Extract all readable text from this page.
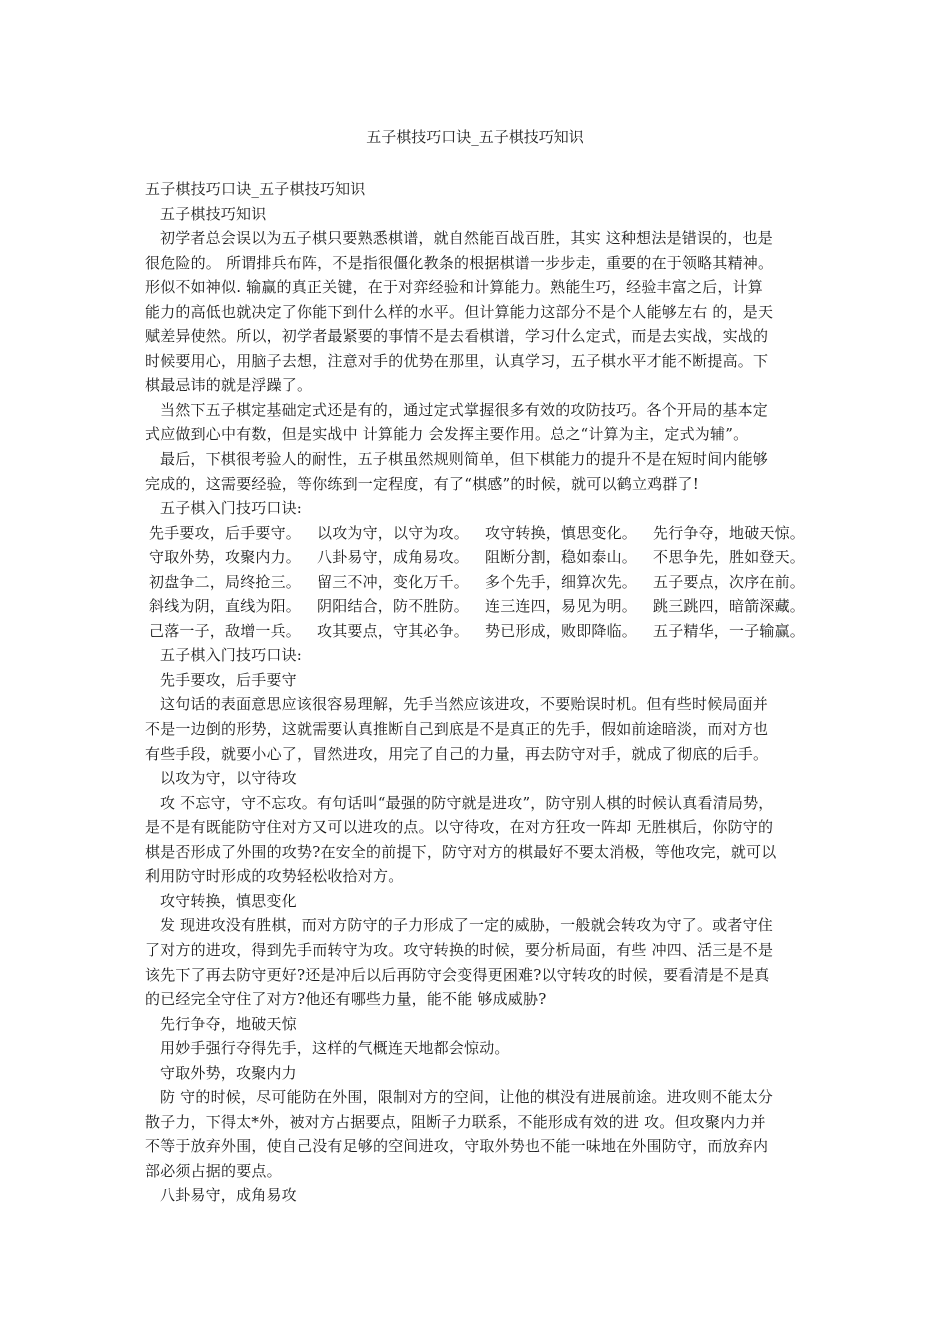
五子棋技巧口诀_五子棋技巧知识
五子棋技巧口诀_五子棋技巧知识
五子棋技巧知识
初学者总会误以为五子棋只要熟悉棋谱，就自然能百战百胜，其实 这种想法是错误的，也是
很危险的。 所谓排兵布阵，不是指很僵化教条的根据棋谱一步步走，重要的在于领略其精神。
形似不如神似. 输赢的真正关键，在于对弈经验和计算能力。熟能生巧，经验丰富之后，计算
能力的高低也就决定了你能下到什么样的水平。但计算能力这部分不是个人能够左右 的，是天
赋差异使然。所以，初学者最紧要的事情不是去看棋谱，学习什么定式，而是去实战，实战的
时候要用心，用脑子去想，注意对手的优势在那里，认真学习，五子棋水平才能不断提高。下
棋最忌讳的就是浮躁了。
当然下五子棋定基础定式还是有的，通过定式掌握很多有效的攻防技巧。各个开局的基本定
式应做到心中有数，但是实战中 计算能力 会发挥主要作用。总之“计算为主，定式为辅”。
最后，下棋很考验人的耐性，五子棋虽然规则简单，但下棋能力的提升不是在短时间内能够
完成的，这需要经验，等你练到一定程度，有了“棋感”的时候，就可以鹤立鸡群了!
五子棋入门技巧口诀:
先手要攻，后手要守。 以攻为守，以守为攻。 攻守转换，慎思变化。 先行争夺，地破天惊。
守取外势，攻聚内力。 八卦易守，成角易攻。 阻断分割，稳如泰山。 不思争先，胜如登天。
初盘争二，局终抢三。 留三不冲，变化万千。 多个先手，细算次先。 五子要点，次序在前。
斜线为阴，直线为阳。 阴阳结合，防不胜防。 连三连四，易见为明。 跳三跳四，暗箭深藏。
己落一子，敌增一兵。 攻其要点，守其必争。 势已形成，败即降临。 五子精华，一子输赢。
五子棋入门技巧口诀:
先手要攻，后手要守
这句话的表面意思应该很容易理解，先手当然应该进攻，不要贻误时机。但有些时候局面并
不是一边倒的形势，这就需要认真推断自己到底是不是真正的先手，假如前途暗淡，而对方也
有些手段，就要小心了，冒然进攻，用完了自己的力量，再去防守对手，就成了彻底的后手。
以攻为守，以守待攻
攻 不忘守，守不忘攻。有句话叫“最强的防守就是进攻”，防守别人棋的时候认真看清局势，
是不是有既能防守住对方又可以进攻的点。以守待攻，在对方狂攻一阵却 无胜棋后，你防守的
棋是否形成了外围的攻势?在安全的前提下，防守对方的棋最好不要太消极，等他攻完，就可以
利用防守时形成的攻势轻松收拾对方。
攻守转换，慎思变化
发 现进攻没有胜棋，而对方防守的子力形成了一定的威胁，一般就会转攻为守了。或者守住
了对方的进攻，得到先手而转守为攻。攻守转换的时候，要分析局面，有些 冲四、活三是不是
该先下了再去防守更好?还是冲后以后再防守会变得更困难?以守转攻的时候，要看清是不是真
的已经完全守住了对方?他还有哪些力量，能不能 够成威胁?
先行争夺，地破天惊
用妙手强行夺得先手，这样的气概连天地都会惊动。
守取外势，攻聚内力
防 守的时候，尽可能防在外围，限制对方的空间，让他的棋没有进展前途。进攻则不能太分
散子力，下得太*外，被对方占据要点，阻断子力联系，不能形成有效的进 攻。但攻聚内力并
不等于放弃外围，使自己没有足够的空间进攻，守取外势也不能一味地在外围防守，而放弃内
部必须占据的要点。
八卦易守，成角易攻
